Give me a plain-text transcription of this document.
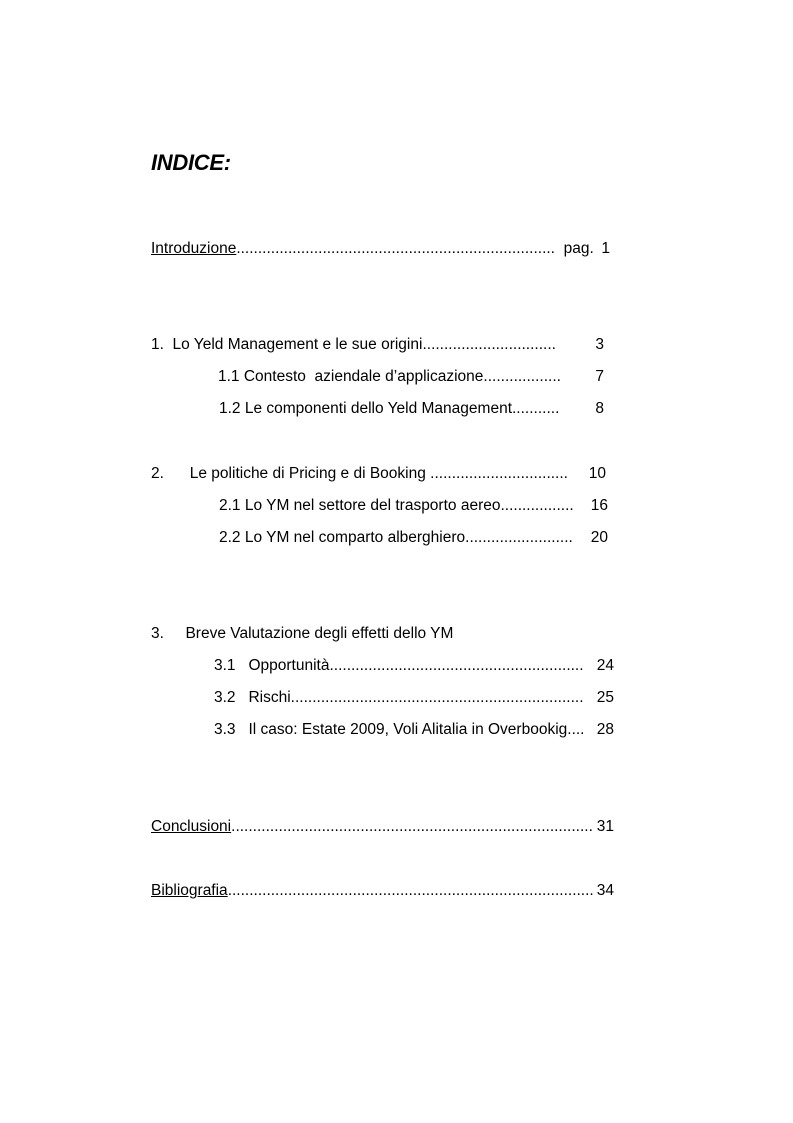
INDICE:
Introduzione..........................................................................  pag. 1
1.  Lo Yeld Management e le sue origini...............................	3
1.1 Contesto  aziendale d’applicazione..................	7
1.2 Le componenti dello Yeld Management...........	8
2.      Le politiche di Pricing e di Booking ................................	10
2.1 Lo YM nel settore del trasporto aereo.................	16
2.2 Lo YM nel comparto alberghiero.........................	20
3.     Breve Valutazione degli effetti dello YM
3.1   Opportunità........................................................... 24
3.2   Rischi.................................................................... 25
3.3   Il caso: Estate 2009, Voli Alitalia in Overbookig.... 28
Conclusioni.................................................................................... 31
Bibliografia..................................................................................... 34
